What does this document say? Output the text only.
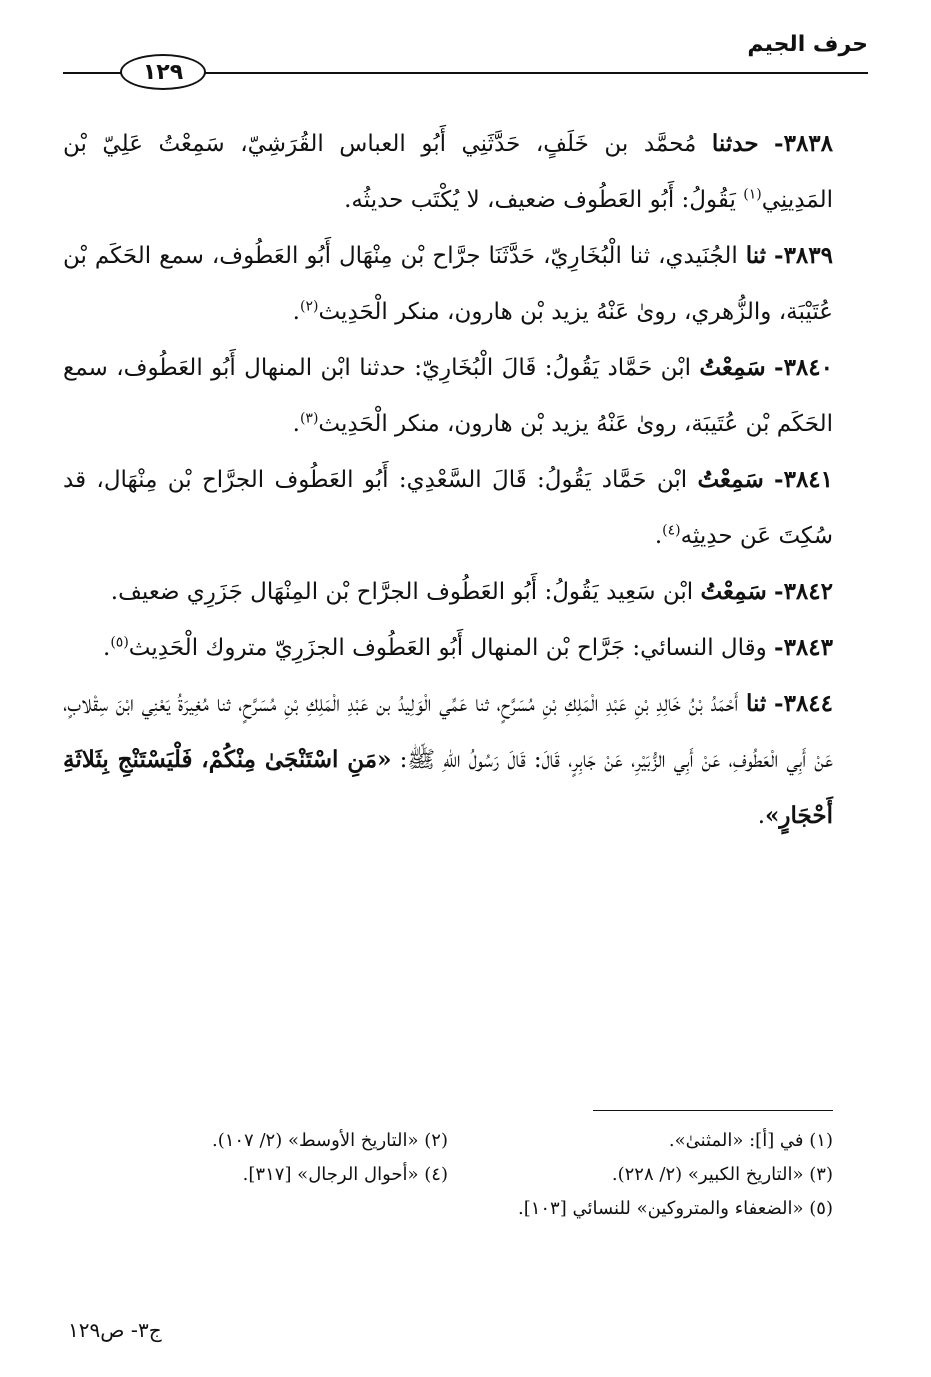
حرف الجيم
١٢٩

٣٨٣٨- حدثنا مُحمَّد بن خَلَفٍ، حَدَّثَنِي أَبُو العباس القُرَشِيّ، سَمِعْتُ عَلِيّ بْن المَدِينِي$^{(١)}$ يَقُولُ: أَبُو العَطُوف ضعيف، لا يُكْتَب حديثُه.

٣٨٣٩- ثنا الجُنَيدي، ثنا الْبُخَارِيّ، حَدَّثَنَا جرَّاح بْن مِنْهَال أَبُو العَطُوف، سمع الحَكَم بْن عُتَيْبَة، والزُّهري، روىٰ عَنْهُ يزيد بْن هارون، منكر الْحَدِيث$^{(٢)}$.

٣٨٤٠- سَمِعْتُ ابْن حَمَّاد يَقُولُ: قَالَ الْبُخَارِيّ: حدثنا ابْن المنهال أَبُو العَطُوف، سمع الحَكَم بْن عُتَيبَة، روىٰ عَنْهُ يزيد بْن هارون، منكر الْحَدِيث$^{(٣)}$.

٣٨٤١- سَمِعْتُ ابْن حَمَّاد يَقُولُ: قَالَ السَّعْدِي: أَبُو العَطُوف الجرَّاح بْن مِنْهَال، قد سُكِتَ عَن حدِيثِه$^{(٤)}$.

٣٨٤٢- سَمِعْتُ ابْن سَعِيد يَقُولُ: أَبُو العَطُوف الجرَّاح بْن المِنْهَال جَزَرِي ضعيف.

٣٨٤٣- وقال النسائي: جَرَّاح بْن المنهال أَبُو العَطُوف الجزَرِيّ متروك الْحَدِيث$^{(٥)}$.

٣٨٤٤- ثنا أَحْمَدُ بْنُ خَالِدِ بْنِ عَبْدِ الْمَلِكِ بْنِ مُسَرَّحٍ، ثنا عَمِّي الْوَلِيدُ بن عَبْدِ الْمَلِكِ بْنِ مُسَرَّحٍ، ثنا مُغِيرَةُ يَعْنِي ابْنَ سِقْلابٍ، عَنْ أَبِي الْعَطُوفِ، عَنْ أَبِي الزُّبَيْرِ، عَنْ جَابِرٍ، قَالَ: قَالَ رَسُولُ اللهِ ﷺ: «مَنِ اسْتَنْجَىٰ مِنْكُمْ، فَلْيَسْتَنْجِ بِثَلاثَةِ أَحْجَارٍ».

(١) في [أ]: «المثنىٰ».
(٢) «التاريخ الأوسط» (٢/ ١٠٧).
(٣) «التاريخ الكبير» (٢/ ٢٢٨).
(٤) «أحوال الرجال» [٣١٧].
(٥) «الضعفاء والمتروكين» للنسائي [١٠٣].
ج٣- ص١٢٩
